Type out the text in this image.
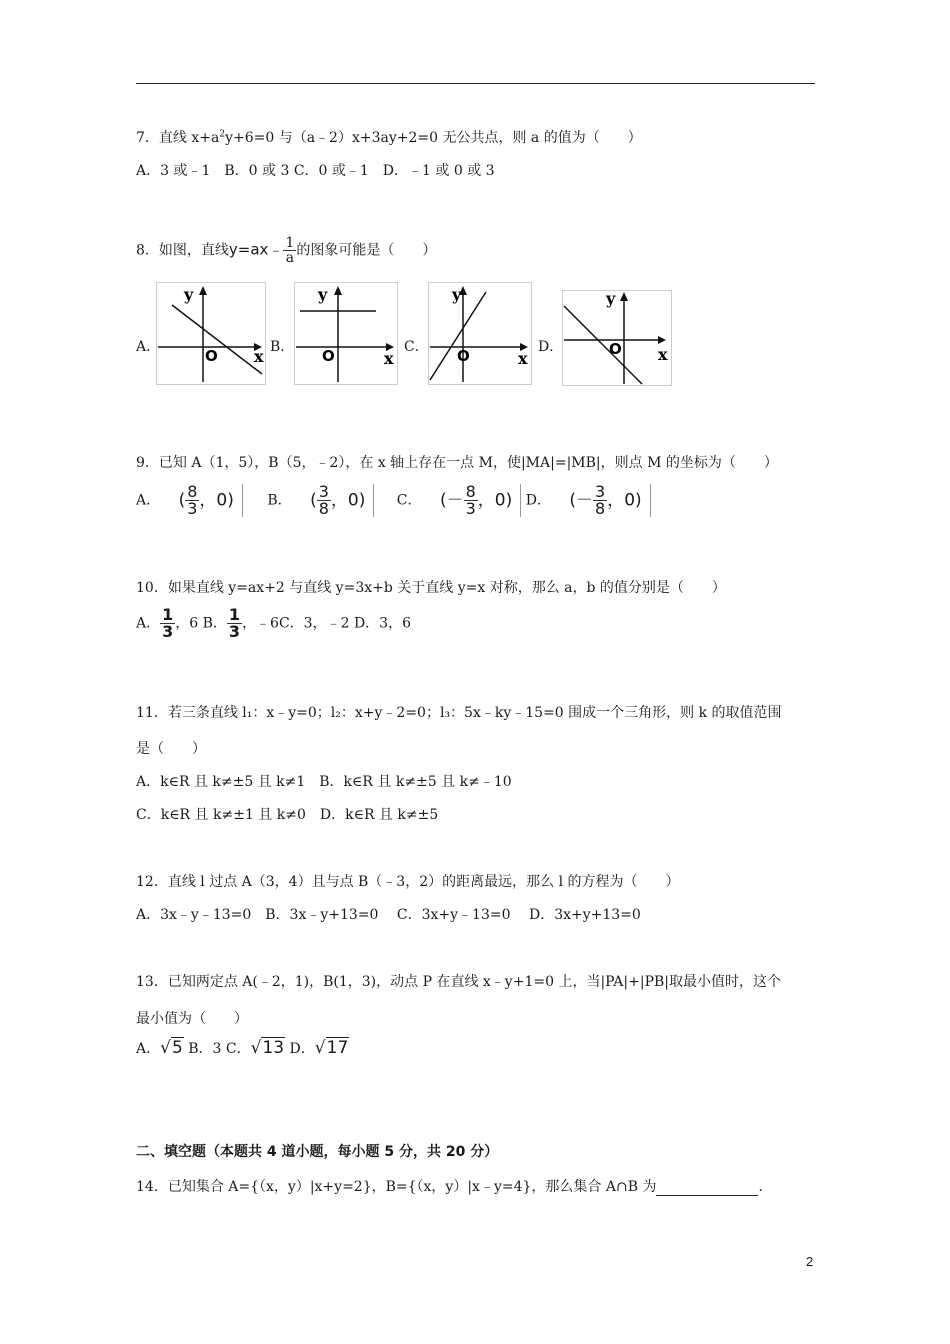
7．直线 $x+a^2y+6=0$ 与（a﹣2）x+3ay+2=0 无公共点，则 a 的值为（　　）
A．3 或﹣1　B．0 或 3 C．0 或﹣1　D．﹣1 或 0 或 3
8．如图，直线y=ax﹣ $\frac{1}{a}$ 的图象可能是（　　）
A．	B．	C．	D．
y
x
O
y
x
O
y
x
O
y
x
O
9．已知 A（1，5），B（5，﹣2），在 x 轴上存在一点 M，使|MA|=|MB|，则点 M 的坐标为（　　）
A． ( $\frac{8}{3}$ ，0) B． ( $\frac{3}{8}$ ，0) C． (－ $\frac{8}{3}$ ，0) D． (－ $\frac{3}{8}$ ，0)
10．如果直线 y=ax+2 与直线 y=3x+b 关于直线 y=x 对称，那么 a，b 的值分别是（　　）
A． $\frac{1}{3}$ ，6 B． $\frac{1}{3}$ ，﹣6C．3，﹣2 D．3，6
11．若三条直线 l₁：x﹣y=0；l₂：x+y﹣2=0；l₃：5x﹣ky﹣15=0 围成一个三角形，则 k 的取值范围
是（　　）
A．k∈R 且 k≠±5 且 k≠1　B．k∈R 且 k≠±5 且 k≠﹣10
C．k∈R 且 k≠±1 且 k≠0　D．k∈R 且 k≠±5
12．直线 l 过点 A（3，4）且与点 B（﹣3，2）的距离最远，那么 l 的方程为（　　）
A．3x﹣y﹣13=0　B．3x﹣y+13=0　 C．3x+y﹣13=0　 D．3x+y+13=0
13．已知两定点 A(﹣2，1)，B(1，3)，动点 P 在直线 x﹣y+1=0 上，当|PA|+|PB|取最小值时，这个
最小值为（　　）
A．√5 B．3 C．√13 D．√17
二、填空题（本题共 4 道小题，每小题 5 分，共 20 分）
14．已知集合 A={（x，y）|x+y=2}，B={（x，y）|x﹣y=4}，那么集合 A∩B 为	．
2
